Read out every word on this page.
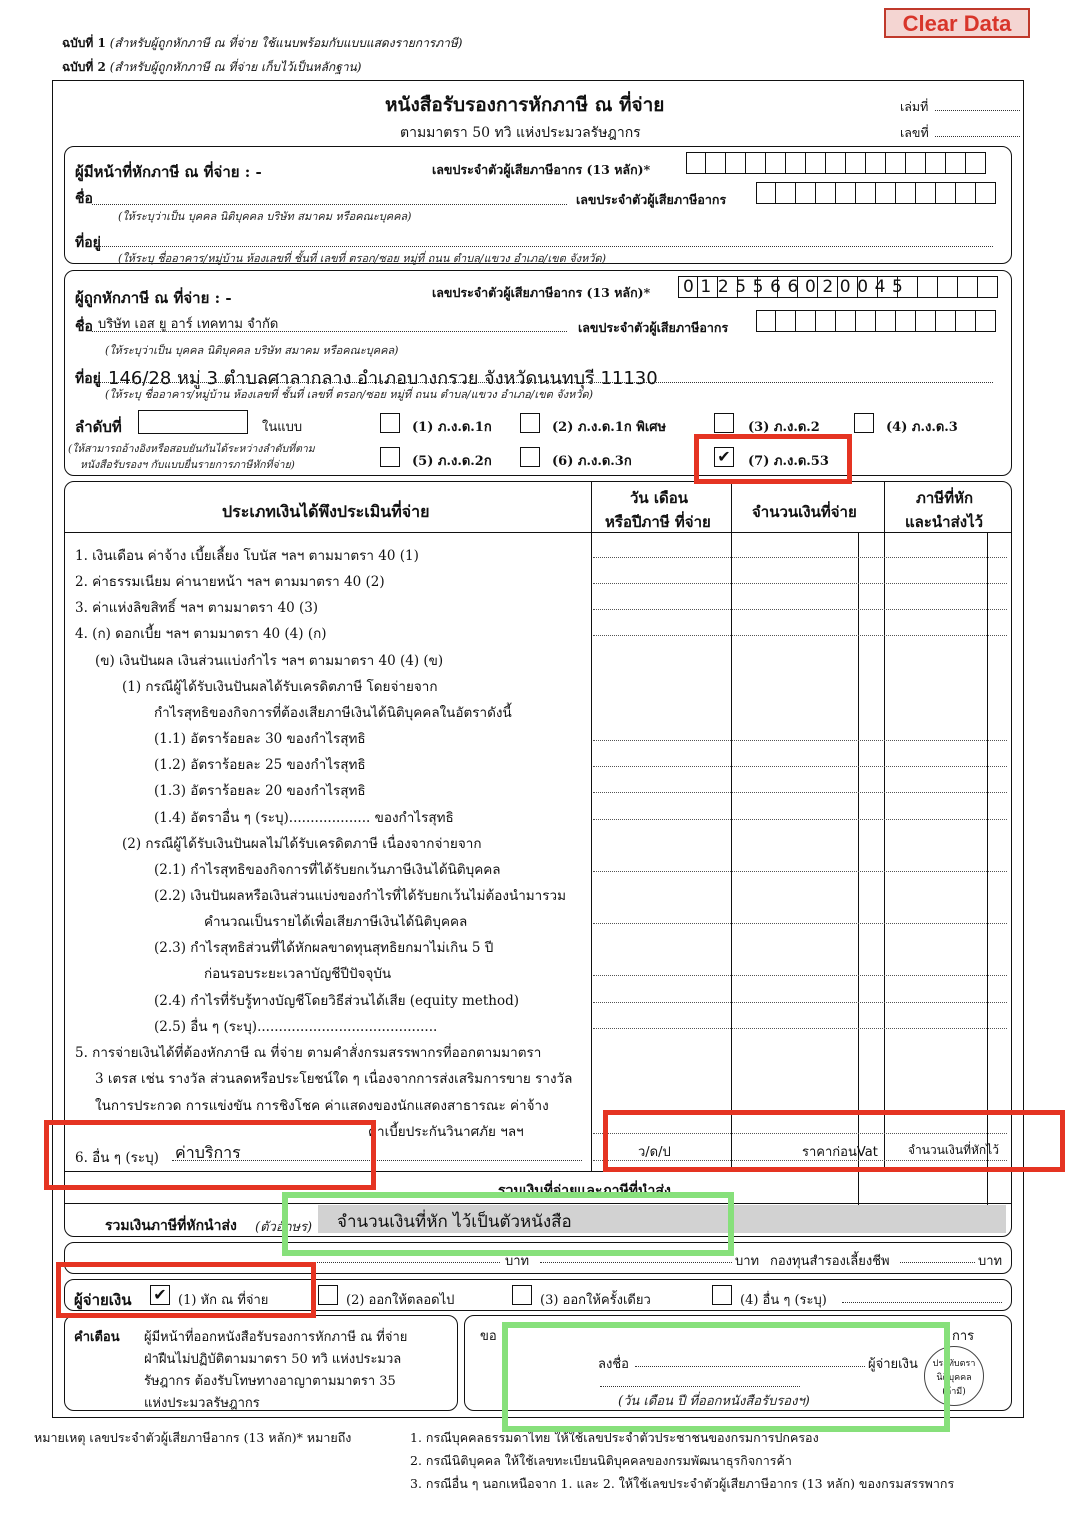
Clear Data
ฉบับที่ 1 (สำหรับผู้ถูกหักภาษี ณ ที่จ่าย ใช้แนบพร้อมกับแบบแสดงรายการภาษี)
ฉบับที่ 2 (สำหรับผู้ถูกหักภาษี ณ ที่จ่าย เก็บไว้เป็นหลักฐาน)
หนังสือรับรองการหักภาษี ณ ที่จ่าย
ตามมาตรา 50 ทวิ แห่งประมวลรัษฎากร
เล่มที่
เลขที่
ผู้มีหน้าที่หักภาษี ณ ที่จ่าย : -	เลขประจำตัวผู้เสียภาษีอากร (13 หลัก)*
ชื่อ	เลขประจำตัวผู้เสียภาษีอากร
(ให้ระบุว่าเป็น บุคคล นิติบุคคล บริษัท สมาคม หรือคณะบุคคล)
ที่อยู่
(ให้ระบุ ชื่ออาคาร/หมู่บ้าน ห้องเลขที่ ชั้นที่ เลขที่ ตรอก/ซอย หมู่ที่ ถนน ตำบล/แขวง อำเภอ/เขต จังหวัด)
ผู้ถูกหักภาษี ณ ที่จ่าย : -	เลขประจำตัวผู้เสียภาษีอากร (13 หลัก)* 0 1 2 5 5 6 6 0 2 0 0 4 5
ชื่อ บริษัท เอส ยู อาร์ เทคทาม จำกัด	เลขประจำตัวผู้เสียภาษีอากร
(ให้ระบุว่าเป็น บุคคล นิติบุคคล บริษัท สมาคม หรือคณะบุคคล)
ที่อยู่ 146/28 หมู่ 3 ตำบลศาลากลาง อำเภอบางกรวย จังหวัดนนทบุรี 11130
(ให้ระบุ ชื่ออาคาร/หมู่บ้าน ห้องเลขที่ ชั้นที่ เลขที่ ตรอก/ซอย หมู่ที่ ถนน ตำบล/แขวง อำเภอ/เขต จังหวัด)
ลำดับที่	ในแบบ
(ให้สามารถอ้างอิงหรือสอบยันกันได้ระหว่างลำดับที่ตาม
หนังสือรับรองฯ กับแบบยื่นรายการภาษีหักที่จ่าย)
(1) ภ.ง.ด.1ก	(2) ภ.ง.ด.1ก พิเศษ	(3) ภ.ง.ด.2	(4) ภ.ง.ด.3
(5) ภ.ง.ด.2ก	(6) ภ.ง.ด.3ก	✔ (7) ภ.ง.ด.53
ประเภทเงินได้พึงประเมินที่จ่าย
วัน เดือน
หรือปีภาษี ที่จ่าย
จำนวนเงินที่จ่าย
ภาษีที่หัก
และนำส่งไว้
1. เงินเดือน ค่าจ้าง เบี้ยเลี้ยง โบนัส ฯลฯ ตามมาตรา 40 (1)
2. ค่าธรรมเนียม ค่านายหน้า ฯลฯ ตามมาตรา 40 (2)
3. ค่าแห่งลิขสิทธิ์ ฯลฯ ตามมาตรา 40 (3)
4. (ก) ดอกเบี้ย ฯลฯ ตามมาตรา 40 (4) (ก)
(ข) เงินปันผล เงินส่วนแบ่งกำไร ฯลฯ ตามมาตรา 40 (4) (ข)
(1) กรณีผู้ได้รับเงินปันผลได้รับเครดิตภาษี โดยจ่ายจาก
กำไรสุทธิของกิจการที่ต้องเสียภาษีเงินได้นิติบุคคลในอัตราดังนี้
(1.1) อัตราร้อยละ 30 ของกำไรสุทธิ
(1.2) อัตราร้อยละ 25 ของกำไรสุทธิ
(1.3) อัตราร้อยละ 20 ของกำไรสุทธิ
(1.4) อัตราอื่น ๆ (ระบุ)................... ของกำไรสุทธิ
(2) กรณีผู้ได้รับเงินปันผลไม่ได้รับเครดิตภาษี เนื่องจากจ่ายจาก
(2.1) กำไรสุทธิของกิจการที่ได้รับยกเว้นภาษีเงินได้นิติบุคคล
(2.2) เงินปันผลหรือเงินส่วนแบ่งของกำไรที่ได้รับยกเว้นไม่ต้องนำมารวม
คำนวณเป็นรายได้เพื่อเสียภาษีเงินได้นิติบุคคล
(2.3) กำไรสุทธิส่วนที่ได้หักผลขาดทุนสุทธิยกมาไม่เกิน 5 ปี
ก่อนรอบระยะเวลาบัญชีปีปัจจุบัน
(2.4) กำไรที่รับรู้ทางบัญชีโดยวิธีส่วนได้เสีย (equity method)
(2.5) อื่น ๆ (ระบุ)..........................................
5. การจ่ายเงินได้ที่ต้องหักภาษี ณ ที่จ่าย ตามคำสั่งกรมสรรพากรที่ออกตามมาตรา
3 เตรส เช่น รางวัล ส่วนลดหรือประโยชน์ใด ๆ เนื่องจากการส่งเสริมการขาย รางวัล
ในการประกวด การแข่งขัน การชิงโชค ค่าแสดงของนักแสดงสาธารณะ ค่าจ้าง
ค่าเบี้ยประกันวินาศภัย ฯลฯ
6. อื่น ๆ (ระบุ) ค่าบริการ	ว/ด/ป	ราคาก่อนVat	จำนวนเงินที่หักไว้
รวมเงินที่จ่ายและภาษีที่นำส่ง
รวมเงินภาษีที่หักนำส่ง (ตัวอักษร) จำนวนเงินที่หัก ไว้เป็นตัวหนังสือ
บาท	บาท กองทุนสำรองเลี้ยงชีพ	บาท
ผู้จ่ายเงิน ✔ (1) หัก ณ ที่จ่าย	(2) ออกให้ตลอดไป	(3) ออกให้ครั้งเดียว	(4) อื่น ๆ (ระบุ)
คำเตือน ผู้มีหน้าที่ออกหนังสือรับรองการหักภาษี ณ ที่จ่าย
ฝ่าฝืนไม่ปฏิบัติตามมาตรา 50 ทวิ แห่งประมวล
รัษฎากร ต้องรับโทษทางอาญาตามมาตรา 35
แห่งประมวลรัษฎากร
ขอ	การ
ลงชื่อ	ผู้จ่ายเงิน
(วัน เดือน ปี ที่ออกหนังสือรับรองฯ)
ประทับตรา
นิติบุคคล
(ถ้ามี)
หมายเหตุ เลขประจำตัวผู้เสียภาษีอากร (13 หลัก)* หมายถึง	1. กรณีบุคคลธรรมดาไทย ให้ใช้เลขประจำตัวประชาชนของกรมการปกครอง
2. กรณีนิติบุคคล ให้ใช้เลขทะเบียนนิติบุคคลของกรมพัฒนาธุรกิจการค้า
3. กรณีอื่น ๆ นอกเหนือจาก 1. และ 2. ให้ใช้เลขประจำตัวผู้เสียภาษีอากร (13 หลัก) ของกรมสรรพากร
